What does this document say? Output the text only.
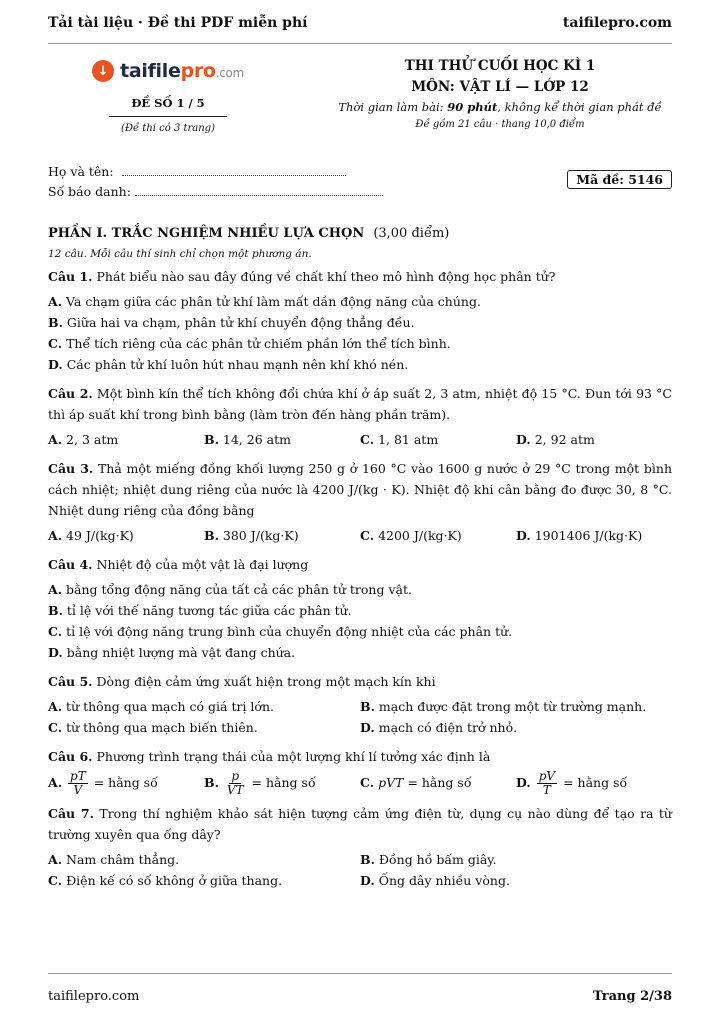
Tải tài liệu · Đề thi PDF miễn phí	taifilepro.com
↓ taifilepro.com
ĐỀ SỐ 1 / 5
(Đề thi có 3 trang)
THI THỬ CUỐI HỌC KÌ 1
MÔN: VẬT LÍ — LỚP 12
Thời gian làm bài: 90 phút, không kể thời gian phát đề
Đề gồm 21 câu · thang 10,0 điểm
Họ và tên:
Số báo danh:
Mã đề: 5146
PHẦN I. TRẮC NGHIỆM NHIỀU LỰA CHỌN (3,00 điểm)
12 câu. Mỗi câu thí sinh chỉ chọn một phương án.
Câu 1. Phát biểu nào sau đây đúng về chất khí theo mô hình động học phân tử?
A. Va chạm giữa các phân tử khí làm mất dần động năng của chúng.
B. Giữa hai va chạm, phân tử khí chuyển động thẳng đều.
C. Thể tích riêng của các phân tử chiếm phần lớn thể tích bình.
D. Các phân tử khí luôn hút nhau mạnh nên khí khó nén.
Câu 2. Một bình kín thể tích không đổi chứa khí ở áp suất 2, 3 atm, nhiệt độ 15 °C. Đun tới 93 °C thì áp suất khí trong bình bằng (làm tròn đến hàng phần trăm).
A. 2, 3 atm	B. 14, 26 atm	C. 1, 81 atm	D. 2, 92 atm
Câu 3. Thả một miếng đồng khối lượng 250 g ở 160 °C vào 1600 g nước ở 29 °C trong một bình cách nhiệt; nhiệt dung riêng của nước là 4200 J/(kg · K). Nhiệt độ khi cân bằng đo được 30, 8 °C. Nhiệt dung riêng của đồng bằng
A. 49 J/(kg·K)	B. 380 J/(kg·K)	C. 4200 J/(kg·K)	D. 1901406 J/(kg·K)
Câu 4. Nhiệt độ của một vật là đại lượng
A. bằng tổng động năng của tất cả các phân tử trong vật.
B. tỉ lệ với thế năng tương tác giữa các phân tử.
C. tỉ lệ với động năng trung bình của chuyển động nhiệt của các phân tử.
D. bằng nhiệt lượng mà vật đang chứa.
Câu 5. Dòng điện cảm ứng xuất hiện trong một mạch kín khi
A. từ thông qua mạch có giá trị lớn.	B. mạch được đặt trong một từ trường mạnh.
C. từ thông qua mạch biến thiên.	D. mạch có điện trở nhỏ.
Câu 6. Phương trình trạng thái của một lượng khí lí tưởng xác định là
A. $\frac{pT}{V}$ = hằng số	B. $\frac{p}{VT}$ = hằng số	C. pVT = hằng số	D. $\frac{pV}{T}$ = hằng số
Câu 7. Trong thí nghiệm khảo sát hiện tượng cảm ứng điện từ, dụng cụ nào dùng để tạo ra từ trường xuyên qua ống dây?
A. Nam châm thẳng.	B. Đồng hồ bấm giây.
C. Điện kế có số không ở giữa thang.	D. Ống dây nhiều vòng.
taifilepro.com	Trang 2/38
